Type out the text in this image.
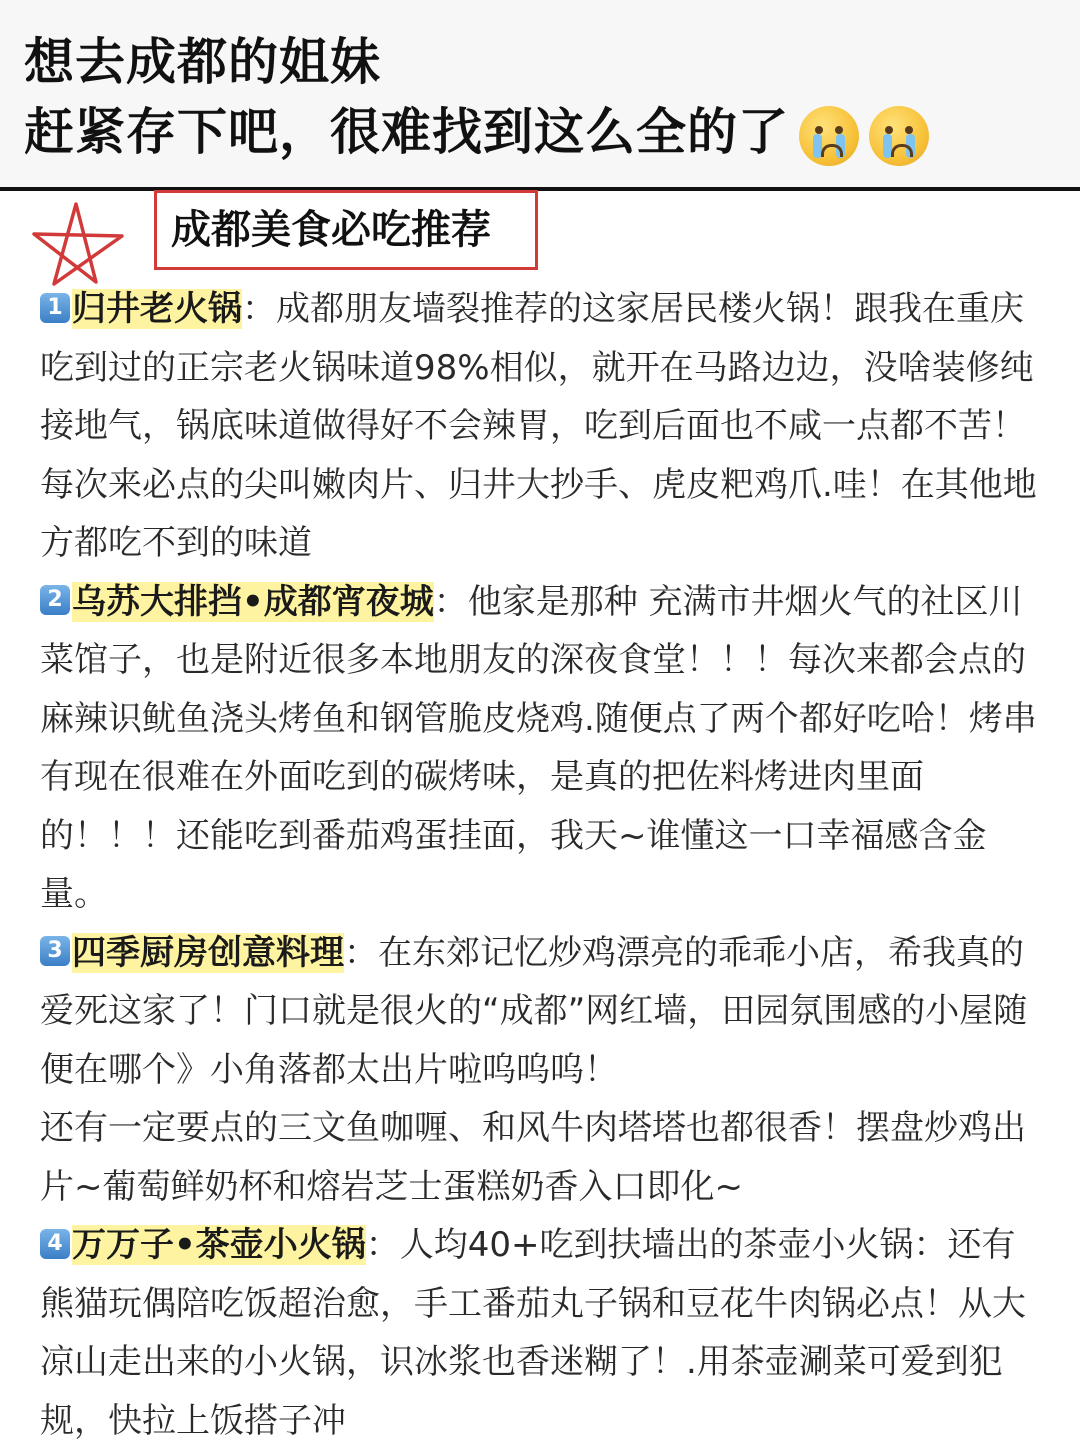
想去成都的姐妹
赶紧存下吧，很难找到这么全的了
成都美食必吃推荐

1 归井老火锅：成都朋友墙裂推荐的这家居民楼火锅！跟我在重庆吃到过的正宗老火锅味道98%相似，就开在马路边边，没啥装修纯接地气，锅底味道做得好不会辣胃，吃到后面也不咸一点都不苦！每次来必点的尖叫嫩肉片、归井大抄手、虎皮粑鸡爪.哇！在其他地方都吃不到的味道

2 乌苏大排挡•成都宵夜城：他家是那种 充满市井烟火气的社区川菜馆子，也是附近很多本地朋友的深夜食堂！！！每次来都会点的麻辣识鱿鱼浇头烤鱼和钢管脆皮烧鸡.随便点了两个都好吃哈！烤串有现在很难在外面吃到的碳烤味，是真的把佐料烤进肉里面的！！！还能吃到番茄鸡蛋挂面，我天~谁懂这一口幸福感含金量。

3 四季厨房创意料理：在东郊记忆炒鸡漂亮的乖乖小店，希我真的爱死这家了！门口就是很火的“成都”网红墙，田园氛围感的小屋随便在哪个》小角落都太出片啦呜呜呜！

还有一定要点的三文鱼咖喱、和风牛肉塔塔也都很香！摆盘炒鸡出片~葡萄鲜奶杯和熔岩芝士蛋糕奶香入口即化~

4 万万子•茶壶小火锅：人均40+吃到扶墙出的茶壶小火锅：还有熊猫玩偶陪吃饭超治愈，手工番茄丸子锅和豆花牛肉锅必点！从大凉山走出来的小火锅，识冰浆也香迷糊了！.用茶壶涮菜可爱到犯规，快拉上饭搭子冲
